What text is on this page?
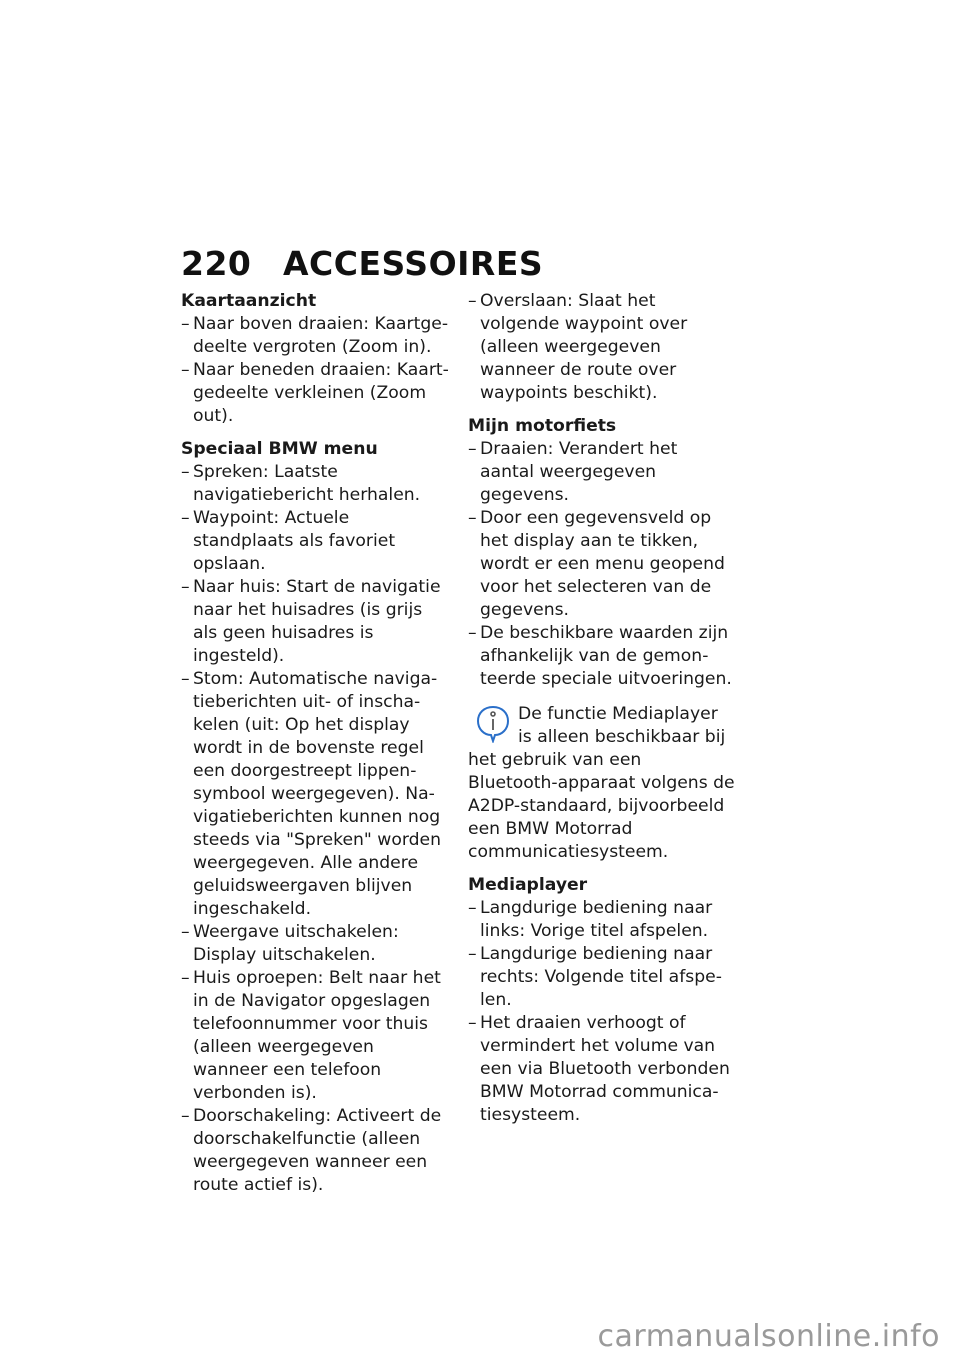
220 ACCESSOIRES

Kaartaanzicht

– Naar boven draaien: Kaartgedeelte vergroten (Zoom in).
– Naar beneden draaien: Kaartgedeelte verkleinen (Zoom out).

Speciaal BMW menu

– Spreken: Laatste navigatiebericht herhalen.
– Waypoint: Actuele standplaats als favoriet opslaan.
– Naar huis: Start de navigatie naar het huisadres (is grijs als geen huisadres is ingesteld).
– Stom: Automatische navigatieberichten uit- of inschakelen (uit: Op het display wordt in de bovenste regel een doorgestreept lippensymbool weergegeven). Navigatieberichten kunnen nog steeds via "Spreken" worden weergegeven. Alle andere geluidsweergaven blijven ingeschakeld.
– Weergave uitschakelen: Display uitschakelen.
– Huis oproepen: Belt naar het in de Navigator opgeslagen telefoonnummer voor thuis (alleen weergegeven wanneer een telefoon verbonden is).
– Doorschakeling: Activeert de doorschakelfunctie (alleen weergegeven wanneer een route actief is).
– Overslaan: Slaat het volgende waypoint over (alleen weergegeven wanneer de route over waypoints beschikt).

Mijn motorfiets

– Draaien: Verandert het aantal weergegeven gegevens.
– Door een gegevensveld op het display aan te tikken, wordt er een menu geopend voor het selecteren van de gegevens.
– De beschikbare waarden zijn afhankelijk van de gemonteerde speciale uitvoeringen.

De functie Mediaplayer is alleen beschikbaar bij het gebruik van een Bluetooth-apparaat volgens de A2DP-standaard, bijvoorbeeld een BMW Motorrad communicatiesysteem.

Mediaplayer

– Langdurige bediening naar links: Vorige titel afspelen.
– Langdurige bediening naar rechts: Volgende titel afspelen.
– Het draaien verhoogt of vermindert het volume van een via Bluetooth verbonden BMW Motorrad communicatiesysteem.
carmanualsonline.info
